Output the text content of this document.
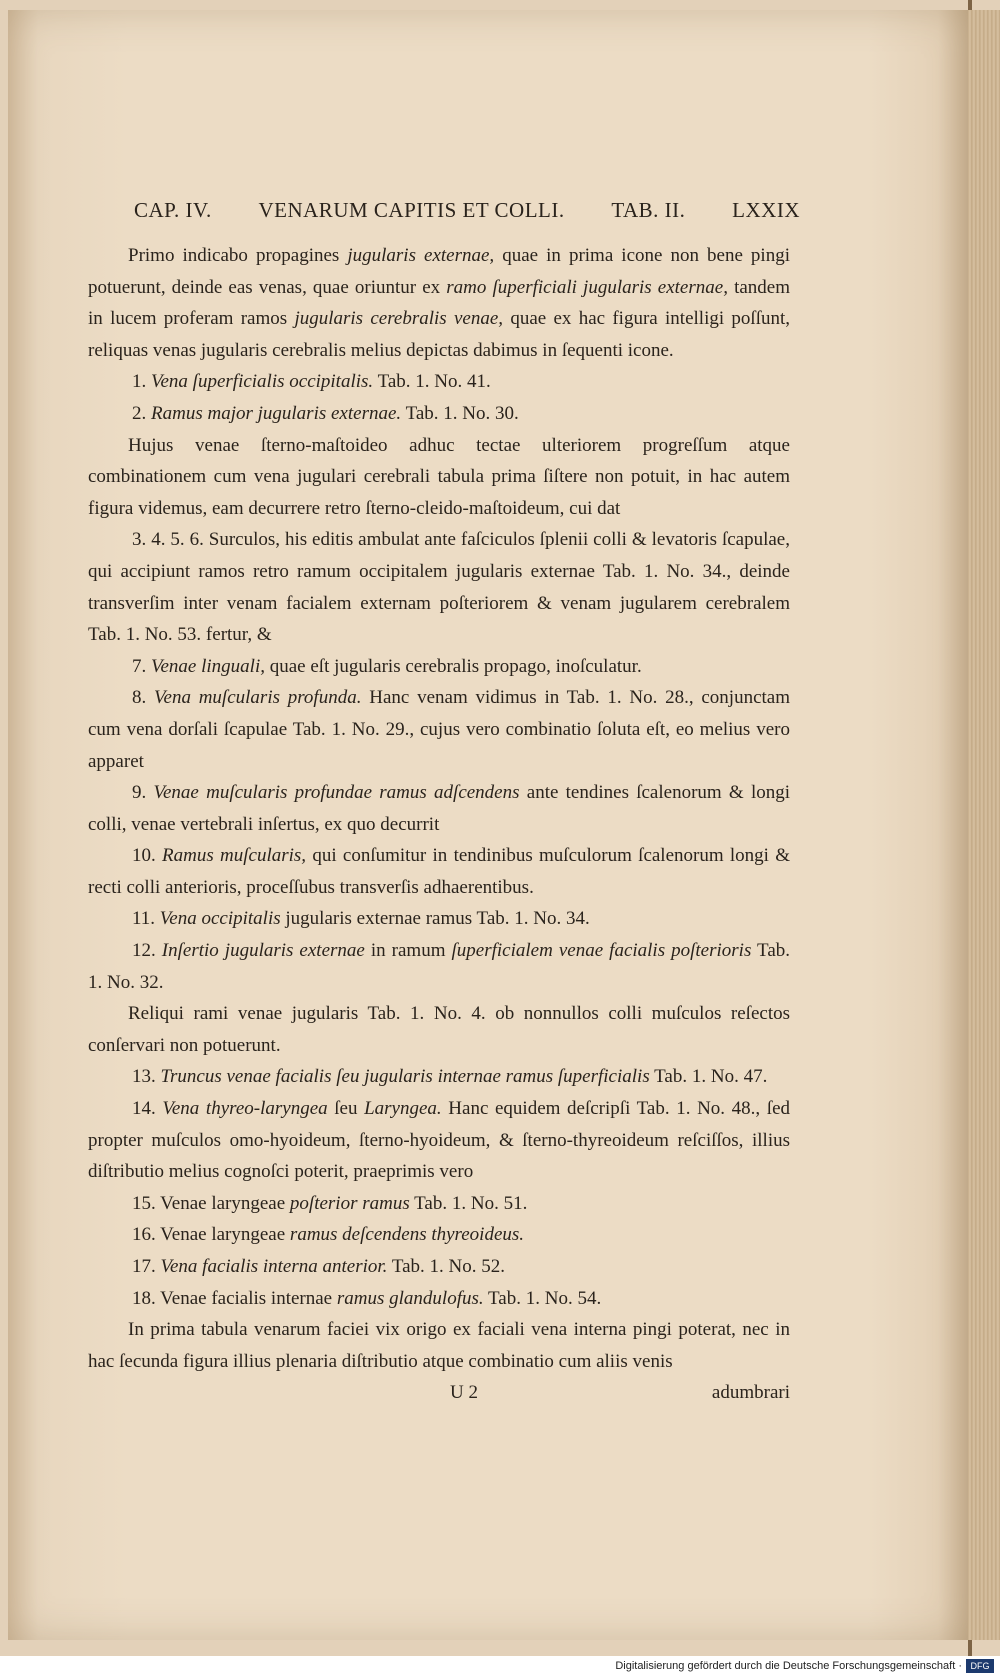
CAP. IV. VENARUM CAPITIS ET COLLI. TAB. II. LXXIX

Primo indicabo propagines jugularis externae, quae in prima icone non bene pingi potuerunt, deinde eas venas, quae oriuntur ex ramo ſuperficiali jugularis externae, tandem in lucem proferam ramos jugularis cerebralis venae, quae ex hac figura intelligi poſſunt, reliquas venas jugularis cerebralis melius depictas dabimus in ſequenti icone.

1. Vena ſuperficialis occipitalis. Tab. 1. No. 41.

2. Ramus major jugularis externae. Tab. 1. No. 30.

Hujus venae ſterno-maſtoideo adhuc tectae ulteriorem progreſſum atque combinationem cum vena jugulari cerebrali tabula prima ſiſtere non potuit, in hac autem figura videmus, eam decurrere retro ſterno-cleido-maſtoideum, cui dat

3. 4. 5. 6. Surculos, his editis ambulat ante faſciculos ſplenii colli & levatoris ſcapulae, qui accipiunt ramos retro ramum occipitalem jugularis externae Tab. 1. No. 34., deinde transverſim inter venam facialem externam poſteriorem & venam jugularem cerebralem Tab. 1. No. 53. fertur, &

7. Venae linguali, quae eſt jugularis cerebralis propago, inoſculatur.

8. Vena muſcularis profunda. Hanc venam vidimus in Tab. 1. No. 28., conjunctam cum vena dorſali ſcapulae Tab. 1. No. 29., cujus vero combinatio ſoluta eſt, eo melius vero apparet

9. Venae muſcularis profundae ramus adſcendens ante tendines ſcalenorum & longi colli, venae vertebrali inſertus, ex quo decurrit

10. Ramus muſcularis, qui conſumitur in tendinibus muſculorum ſcalenorum longi & recti colli anterioris, proceſſubus transverſis adhaerentibus.

11. Vena occipitalis jugularis externae ramus Tab. 1. No. 34.

12. Inſertio jugularis externae in ramum ſuperficialem venae facialis poſterioris Tab. 1. No. 32.

Reliqui rami venae jugularis Tab. 1. No. 4. ob nonnullos colli muſculos reſectos conſervari non potuerunt.

13. Truncus venae facialis ſeu jugularis internae ramus ſuperficialis Tab. 1. No. 47.

14. Vena thyreo-laryngea ſeu Laryngea. Hanc equidem deſcripſi Tab. 1. No. 48., ſed propter muſculos omo-hyoideum, ſterno-hyoideum, & ſterno-thyreoideum reſciſſos, illius diſtributio melius cognoſci poterit, praeprimis vero

15. Venae laryngeae poſterior ramus Tab. 1. No. 51.

16. Venae laryngeae ramus deſcendens thyreoideus.

17. Vena facialis interna anterior. Tab. 1. No. 52.

18. Venae facialis internae ramus glandulofus. Tab. 1. No. 54.

In prima tabula venarum faciei vix origo ex faciali vena interna pingi poterat, nec in hac ſecunda figura illius plenaria diſtributio atque combinatio cum aliis venis

U 2	adumbrari
Digitalisierung gefördert durch die Deutsche Forschungsgemeinschaft · DFG
